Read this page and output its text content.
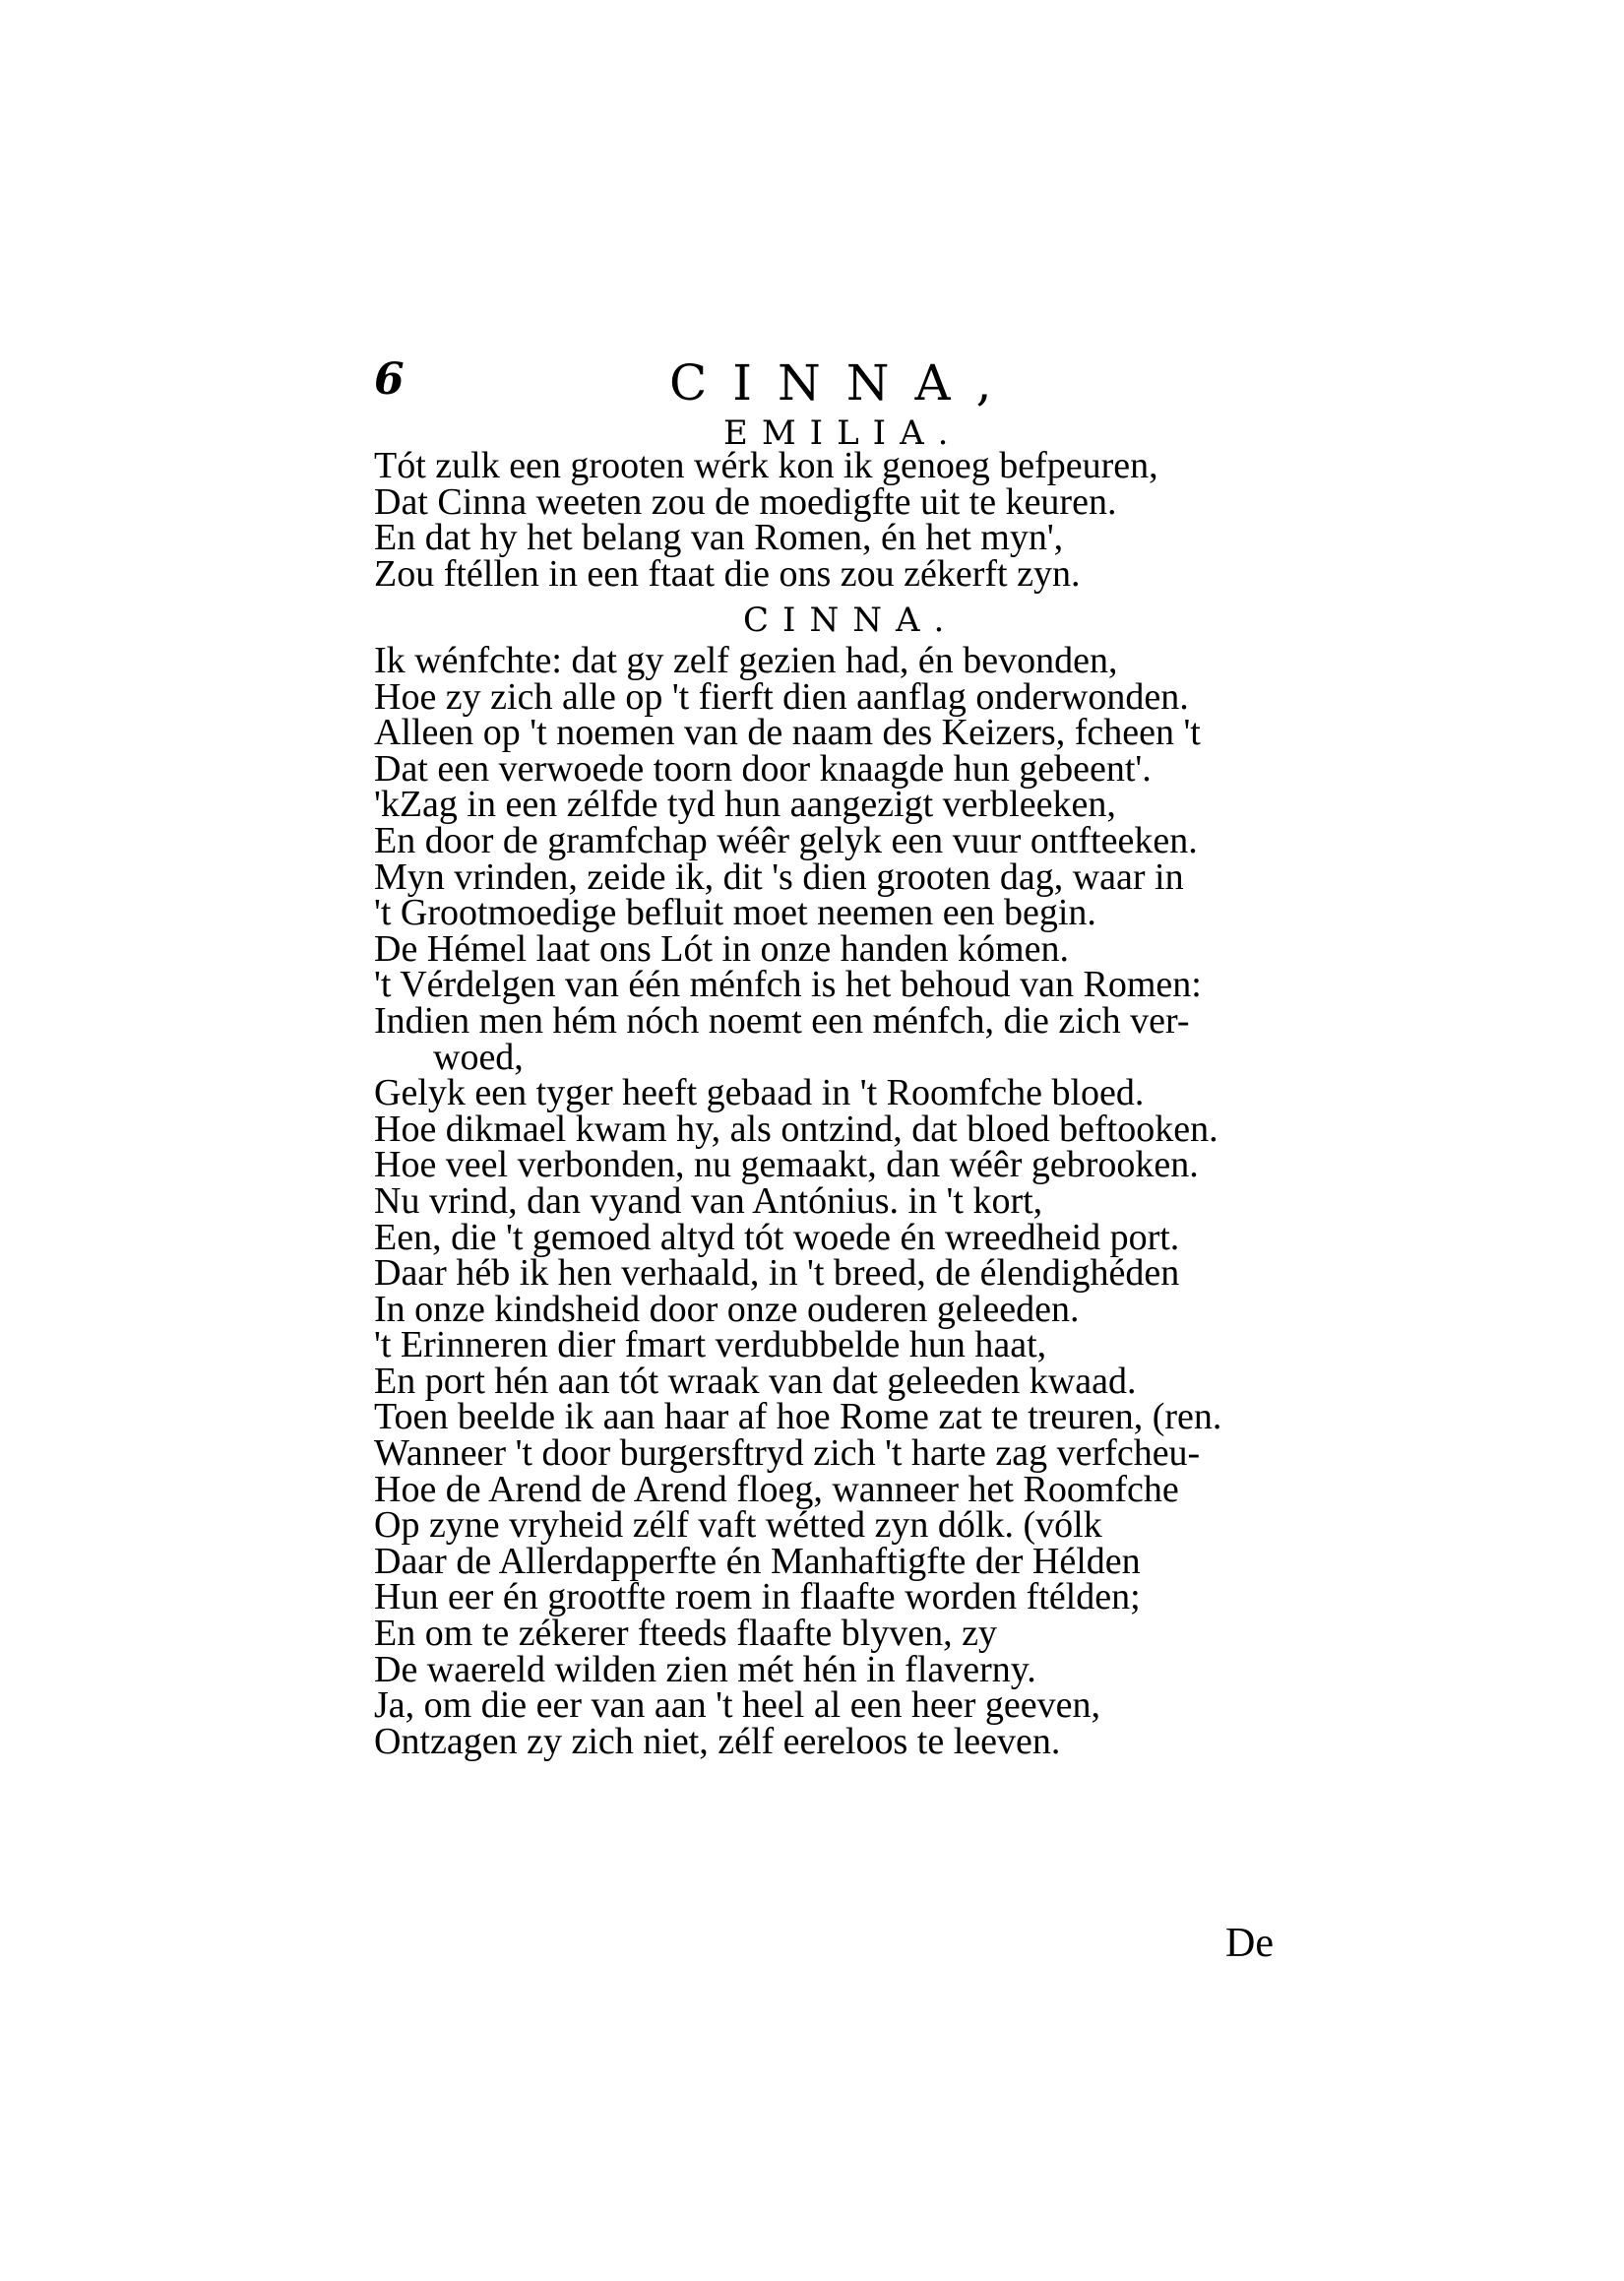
6	CINNA,
EMILIA.
Tót zulk een grooten wérk kon ik genoeg befpeuren,
Dat Cinna weeten zou de moedigfte uit te keuren.
En dat hy het belang van Romen, én het myn',
Zou ftéllen in een ftaat die ons zou zékerft zyn.
CINNA.
Ik wénfchte: dat gy zelf gezien had, én bevonden,
Hoe zy zich alle op 't fierft dien aanflag onderwonden.
Alleen op 't noemen van de naam des Keizers, fcheen 't
Dat een verwoede toorn door knaagde hun gebeent'.
'kZag in een zélfde tyd hun aangezigt verbleeken,
En door de gramfchap wéêr gelyk een vuur ontfteeken.
Myn vrinden, zeide ik, dit 's dien grooten dag, waar in
't Grootmoedige befluit moet neemen een begin.
De Hémel laat ons Lót in onze handen kómen.
't Vérdelgen van één ménfch is het behoud van Romen:
Indien men hém nóch noemt een ménfch, die zich ver-
woed,
Gelyk een tyger heeft gebaad in 't Roomfche bloed.
Hoe dikmael kwam hy, als ontzind, dat bloed beftooken.
Hoe veel verbonden, nu gemaakt, dan wéêr gebrooken.
Nu vrind, dan vyand van Antónius. in 't kort,
Een, die 't gemoed altyd tót woede én wreedheid port.
Daar héb ik hen verhaald, in 't breed, de élendighéden
In onze kindsheid door onze ouderen geleeden.
't Erinneren dier fmart verdubbelde hun haat,
En port hén aan tót wraak van dat geleeden kwaad.
Toen beelde ik aan haar af hoe Rome zat te treuren, (ren.
Wanneer 't door burgersftryd zich 't harte zag verfcheu-
Hoe de Arend de Arend floeg, wanneer het Roomfche
Op zyne vryheid zélf vaft wétted zyn dólk. (vólk
Daar de Allerdapperfte én Manhaftigfte der Hélden
Hun eer én grootfte roem in flaafte worden ftélden;
En om te zékerer fteeds flaafte blyven, zy
De waereld wilden zien mét hén in flaverny.
Ja, om die eer van aan 't heel al een heer geeven,
Ontzagen zy zich niet, zélf eereloos te leeven.
De
